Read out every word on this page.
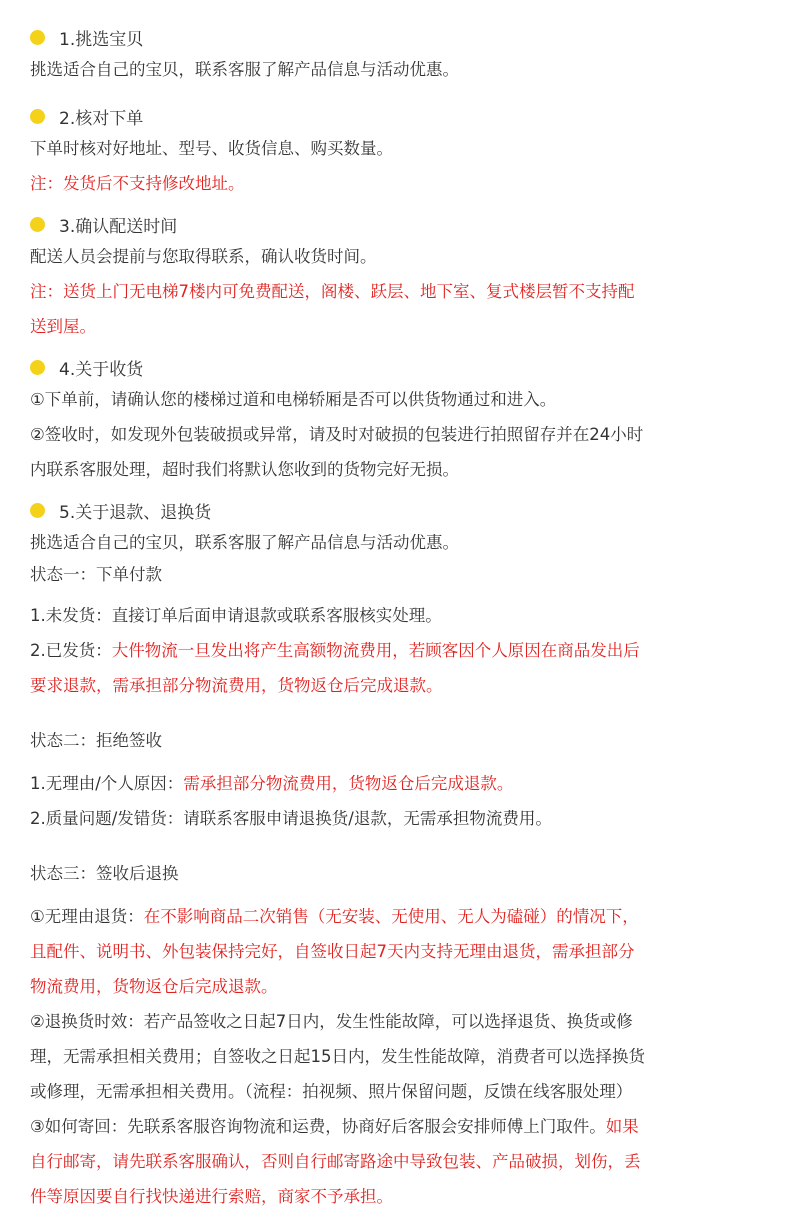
1.挑选宝贝
挑选适合自己的宝贝，联系客服了解产品信息与活动优惠。
2.核对下单
下单时核对好地址、型号、收货信息、购买数量。
注：发货后不支持修改地址。
3.确认配送时间
配送人员会提前与您取得联系，确认收货时间。
注：送货上门无电梯7楼内可免费配送，阁楼、跃层、地下室、复式楼层暂不支持配
送到屋。
4.关于收货
①下单前，请确认您的楼梯过道和电梯轿厢是否可以供货物通过和进入。
②签收时，如发现外包装破损或异常，请及时对破损的包装进行拍照留存并在24小时
内联系客服处理，超时我们将默认您收到的货物完好无损。
5.关于退款、退换货
挑选适合自己的宝贝，联系客服了解产品信息与活动优惠。
状态一：下单付款
1.未发货：直接订单后面申请退款或联系客服核实处理。
2.已发货：大件物流一旦发出将产生高额物流费用，若顾客因个人原因在商品发出后
要求退款，需承担部分物流费用，货物返仓后完成退款。
状态二：拒绝签收
1.无理由/个人原因：需承担部分物流费用，货物返仓后完成退款。
2.质量问题/发错货：请联系客服申请退换货/退款，无需承担物流费用。
状态三：签收后退换
①无理由退货：在不影响商品二次销售（无安装、无使用、无人为磕碰）的情况下，
且配件、说明书、外包装保持完好，自签收日起7天内支持无理由退货，需承担部分
物流费用，货物返仓后完成退款。
②退换货时效：若产品签收之日起7日内，发生性能故障，可以选择退货、换货或修
理，无需承担相关费用；自签收之日起15日内，发生性能故障，消费者可以选择换货
或修理，无需承担相关费用。（流程：拍视频、照片保留问题，反馈在线客服处理）
③如何寄回：先联系客服咨询物流和运费，协商好后客服会安排师傅上门取件。如果
自行邮寄，请先联系客服确认，否则自行邮寄路途中导致包装、产品破损，划伤，丢
件等原因要自行找快递进行索赔，商家不予承担。
